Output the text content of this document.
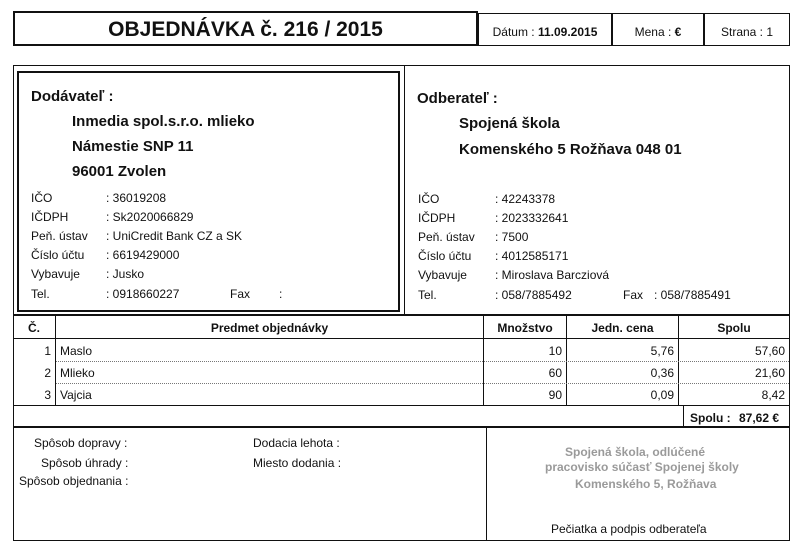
OBJEDNÁVKA č. 216 / 2015	Dátum : 11.09.2015	Mena : €	Strana : 1
Dodávateľ :
Inmedia spol.s.r.o. mlieko
Námestie SNP 11
96001 Zvolen
IČO	: 36019208
IČDPH	: Sk2020066829
Peň. ústav : UniCredit Bank CZ a SK
Číslo účtu : 6619429000
Vybavuje : Jusko
Tel.	: 0918660227	Fax :
Odberateľ :
Spojená škola
Komenského 5 Rožňava 048 01
IČO	: 42243378
IČDPH	: 2023332641
Peň. ústav : 7500
Číslo účtu : 4012585171
Vybavuje : Miroslava Barcziová
Tel.	: 058/7885492	Fax : 058/7885491
Č.	Predmet objednávky	Množstvo	Jedn. cena	Spolu
1 Maslo	10	5,76	57,60
2 Mlieko	60	0,36	21,60
3 Vajcia	90	0,09	8,42
Spolu : 87,62 €
Spôsob dopravy :
Spôsob úhrady :
Spôsob objednania :
Dodacia lehota :
Miesto dodania :
Spojená škola, odlúčené
pracovisko súčasť Spojenej školy
Komenského 5, Rožňava
Pečiatka a podpis odberateľa
